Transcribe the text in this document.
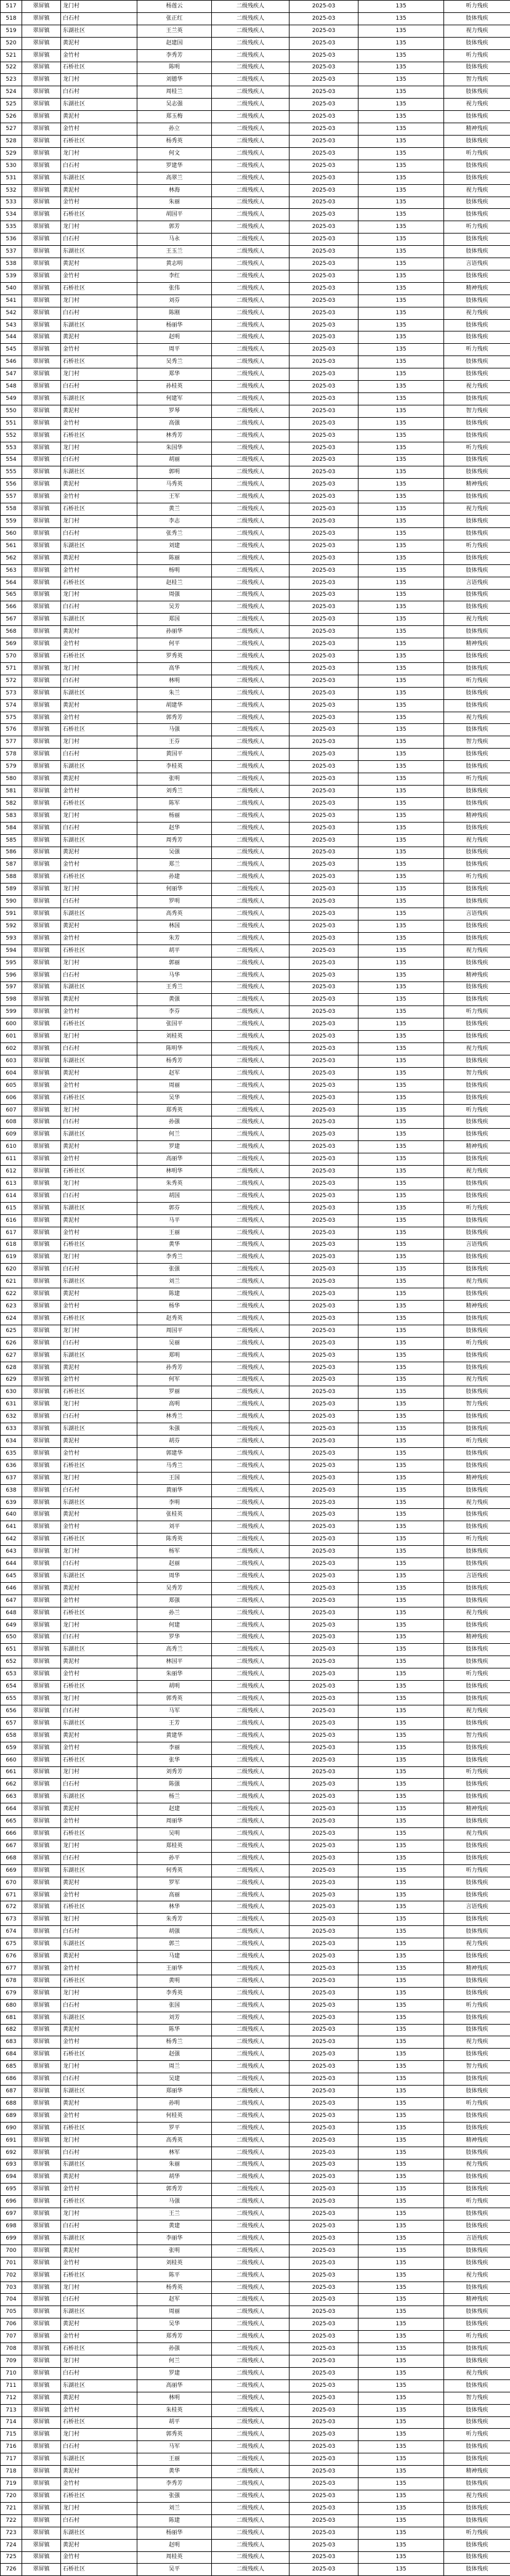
517	翠屏镇	龙门村	杨莲云	二级残疾人	2025-03	135	听力残疾
518	翠屏镇	白石村	张正红	二级残疾人	2025-03	135	肢体残疾
519	翠屏镇	东湖社区	王兰英	二级残疾人	2025-03	135	视力残疾
520	翠屏镇	黄泥村	赵建国	二级残疾人	2025-03	135	肢体残疾
521	翠屏镇	金竹村	李秀芳	二级残疾人	2025-03	135	听力残疾
522	翠屏镇	石桥社区	陈明	二级残疾人	2025-03	135	肢体残疾
523	翠屏镇	龙门村	刘德华	二级残疾人	2025-03	135	智力残疾
524	翠屏镇	白石村	周桂兰	二级残疾人	2025-03	135	肢体残疾
525	翠屏镇	东湖社区	吴志强	二级残疾人	2025-03	135	视力残疾
526	翠屏镇	黄泥村	郑玉梅	二级残疾人	2025-03	135	肢体残疾
527	翠屏镇	金竹村	孙立	二级残疾人	2025-03	135	精神残疾
528	翠屏镇	石桥社区	杨秀英	二级残疾人	2025-03	135	肢体残疾
529	翠屏镇	龙门村	何文	二级残疾人	2025-03	135	听力残疾
530	翠屏镇	白石村	罗建华	二级残疾人	2025-03	135	肢体残疾
531	翠屏镇	东湖社区	高翠兰	二级残疾人	2025-03	135	肢体残疾
532	翠屏镇	黄泥村	林海	二级残疾人	2025-03	135	视力残疾
533	翠屏镇	金竹村	朱丽	二级残疾人	2025-03	135	肢体残疾
534	翠屏镇	石桥社区	胡国平	二级残疾人	2025-03	135	肢体残疾
535	翠屏镇	龙门村	郭芳	二级残疾人	2025-03	135	听力残疾
536	翠屏镇	白石村	马永	二级残疾人	2025-03	135	肢体残疾
537	翠屏镇	东湖社区	王玉兰	二级残疾人	2025-03	135	肢体残疾
538	翠屏镇	黄泥村	黄志明	二级残疾人	2025-03	135	言语残疾
539	翠屏镇	金竹村	李红	二级残疾人	2025-03	135	肢体残疾
540	翠屏镇	石桥社区	张伟	二级残疾人	2025-03	135	精神残疾
541	翠屏镇	龙门村	刘芬	二级残疾人	2025-03	135	肢体残疾
542	翠屏镇	白石村	陈刚	二级残疾人	2025-03	135	视力残疾
543	翠屏镇	东湖社区	杨丽华	二级残疾人	2025-03	135	肢体残疾
544	翠屏镇	黄泥村	赵明	二级残疾人	2025-03	135	肢体残疾
545	翠屏镇	金竹村	周平	二级残疾人	2025-03	135	听力残疾
546	翠屏镇	石桥社区	吴秀兰	二级残疾人	2025-03	135	肢体残疾
547	翠屏镇	龙门村	郑华	二级残疾人	2025-03	135	肢体残疾
548	翠屏镇	白石村	孙桂英	二级残疾人	2025-03	135	视力残疾
549	翠屏镇	东湖社区	何建军	二级残疾人	2025-03	135	肢体残疾
550	翠屏镇	黄泥村	罗琴	二级残疾人	2025-03	135	智力残疾
551	翠屏镇	金竹村	高强	二级残疾人	2025-03	135	肢体残疾
552	翠屏镇	石桥社区	林秀芳	二级残疾人	2025-03	135	肢体残疾
553	翠屏镇	龙门村	朱国华	二级残疾人	2025-03	135	听力残疾
554	翠屏镇	白石村	胡丽	二级残疾人	2025-03	135	肢体残疾
555	翠屏镇	东湖社区	郭明	二级残疾人	2025-03	135	肢体残疾
556	翠屏镇	黄泥村	马秀英	二级残疾人	2025-03	135	精神残疾
557	翠屏镇	金竹村	王军	二级残疾人	2025-03	135	肢体残疾
558	翠屏镇	石桥社区	黄兰	二级残疾人	2025-03	135	视力残疾
559	翠屏镇	龙门村	李志	二级残疾人	2025-03	135	肢体残疾
560	翠屏镇	白石村	张秀兰	二级残疾人	2025-03	135	肢体残疾
561	翠屏镇	东湖社区	刘建	二级残疾人	2025-03	135	听力残疾
562	翠屏镇	黄泥村	陈丽	二级残疾人	2025-03	135	肢体残疾
563	翠屏镇	金竹村	杨明	二级残疾人	2025-03	135	肢体残疾
564	翠屏镇	石桥社区	赵桂兰	二级残疾人	2025-03	135	言语残疾
565	翠屏镇	龙门村	周强	二级残疾人	2025-03	135	肢体残疾
566	翠屏镇	白石村	吴芳	二级残疾人	2025-03	135	肢体残疾
567	翠屏镇	东湖社区	郑国	二级残疾人	2025-03	135	视力残疾
568	翠屏镇	黄泥村	孙丽华	二级残疾人	2025-03	135	肢体残疾
569	翠屏镇	金竹村	何平	二级残疾人	2025-03	135	精神残疾
570	翠屏镇	石桥社区	罗秀英	二级残疾人	2025-03	135	肢体残疾
571	翠屏镇	龙门村	高华	二级残疾人	2025-03	135	肢体残疾
572	翠屏镇	白石村	林明	二级残疾人	2025-03	135	听力残疾
573	翠屏镇	东湖社区	朱兰	二级残疾人	2025-03	135	肢体残疾
574	翠屏镇	黄泥村	胡建华	二级残疾人	2025-03	135	肢体残疾
575	翠屏镇	金竹村	郭秀芳	二级残疾人	2025-03	135	视力残疾
576	翠屏镇	石桥社区	马强	二级残疾人	2025-03	135	肢体残疾
577	翠屏镇	龙门村	王芬	二级残疾人	2025-03	135	智力残疾
578	翠屏镇	白石村	黄国平	二级残疾人	2025-03	135	肢体残疾
579	翠屏镇	东湖社区	李桂英	二级残疾人	2025-03	135	肢体残疾
580	翠屏镇	黄泥村	张明	二级残疾人	2025-03	135	听力残疾
581	翠屏镇	金竹村	刘秀兰	二级残疾人	2025-03	135	肢体残疾
582	翠屏镇	石桥社区	陈军	二级残疾人	2025-03	135	肢体残疾
583	翠屏镇	龙门村	杨丽	二级残疾人	2025-03	135	精神残疾
584	翠屏镇	白石村	赵华	二级残疾人	2025-03	135	肢体残疾
585	翠屏镇	东湖社区	周秀芳	二级残疾人	2025-03	135	视力残疾
586	翠屏镇	黄泥村	吴强	二级残疾人	2025-03	135	肢体残疾
587	翠屏镇	金竹村	郑兰	二级残疾人	2025-03	135	肢体残疾
588	翠屏镇	石桥社区	孙建	二级残疾人	2025-03	135	听力残疾
589	翠屏镇	龙门村	何丽华	二级残疾人	2025-03	135	肢体残疾
590	翠屏镇	白石村	罗明	二级残疾人	2025-03	135	肢体残疾
591	翠屏镇	东湖社区	高秀英	二级残疾人	2025-03	135	言语残疾
592	翠屏镇	黄泥村	林国	二级残疾人	2025-03	135	肢体残疾
593	翠屏镇	金竹村	朱芳	二级残疾人	2025-03	135	肢体残疾
594	翠屏镇	石桥社区	胡平	二级残疾人	2025-03	135	视力残疾
595	翠屏镇	龙门村	郭丽	二级残疾人	2025-03	135	肢体残疾
596	翠屏镇	白石村	马华	二级残疾人	2025-03	135	精神残疾
597	翠屏镇	东湖社区	王秀兰	二级残疾人	2025-03	135	肢体残疾
598	翠屏镇	黄泥村	黄强	二级残疾人	2025-03	135	肢体残疾
599	翠屏镇	金竹村	李芬	二级残疾人	2025-03	135	听力残疾
600	翠屏镇	石桥社区	张国平	二级残疾人	2025-03	135	肢体残疾
601	翠屏镇	龙门村	刘桂英	二级残疾人	2025-03	135	肢体残疾
602	翠屏镇	白石村	陈明华	二级残疾人	2025-03	135	视力残疾
603	翠屏镇	东湖社区	杨秀芳	二级残疾人	2025-03	135	肢体残疾
604	翠屏镇	黄泥村	赵军	二级残疾人	2025-03	135	智力残疾
605	翠屏镇	金竹村	周丽	二级残疾人	2025-03	135	肢体残疾
606	翠屏镇	石桥社区	吴华	二级残疾人	2025-03	135	肢体残疾
607	翠屏镇	龙门村	郑秀英	二级残疾人	2025-03	135	听力残疾
608	翠屏镇	白石村	孙强	二级残疾人	2025-03	135	肢体残疾
609	翠屏镇	东湖社区	何兰	二级残疾人	2025-03	135	肢体残疾
610	翠屏镇	黄泥村	罗建	二级残疾人	2025-03	135	精神残疾
611	翠屏镇	金竹村	高丽华	二级残疾人	2025-03	135	肢体残疾
612	翠屏镇	石桥社区	林明华	二级残疾人	2025-03	135	视力残疾
613	翠屏镇	龙门村	朱秀英	二级残疾人	2025-03	135	肢体残疾
614	翠屏镇	白石村	胡国	二级残疾人	2025-03	135	肢体残疾
615	翠屏镇	东湖社区	郭芬	二级残疾人	2025-03	135	听力残疾
616	翠屏镇	黄泥村	马平	二级残疾人	2025-03	135	肢体残疾
617	翠屏镇	金竹村	王丽	二级残疾人	2025-03	135	肢体残疾
618	翠屏镇	石桥社区	黄华	二级残疾人	2025-03	135	言语残疾
619	翠屏镇	龙门村	李秀兰	二级残疾人	2025-03	135	肢体残疾
620	翠屏镇	白石村	张强	二级残疾人	2025-03	135	肢体残疾
621	翠屏镇	东湖社区	刘兰	二级残疾人	2025-03	135	视力残疾
622	翠屏镇	黄泥村	陈建	二级残疾人	2025-03	135	肢体残疾
623	翠屏镇	金竹村	杨华	二级残疾人	2025-03	135	精神残疾
624	翠屏镇	石桥社区	赵秀英	二级残疾人	2025-03	135	肢体残疾
625	翠屏镇	龙门村	周国平	二级残疾人	2025-03	135	肢体残疾
626	翠屏镇	白石村	吴丽	二级残疾人	2025-03	135	听力残疾
627	翠屏镇	东湖社区	郑明	二级残疾人	2025-03	135	肢体残疾
628	翠屏镇	黄泥村	孙秀芳	二级残疾人	2025-03	135	肢体残疾
629	翠屏镇	金竹村	何军	二级残疾人	2025-03	135	视力残疾
630	翠屏镇	石桥社区	罗丽	二级残疾人	2025-03	135	肢体残疾
631	翠屏镇	龙门村	高明	二级残疾人	2025-03	135	智力残疾
632	翠屏镇	白石村	林秀兰	二级残疾人	2025-03	135	肢体残疾
633	翠屏镇	东湖社区	朱强	二级残疾人	2025-03	135	肢体残疾
634	翠屏镇	黄泥村	胡芬	二级残疾人	2025-03	135	听力残疾
635	翠屏镇	金竹村	郭建华	二级残疾人	2025-03	135	肢体残疾
636	翠屏镇	石桥社区	马秀兰	二级残疾人	2025-03	135	肢体残疾
637	翠屏镇	龙门村	王国	二级残疾人	2025-03	135	精神残疾
638	翠屏镇	白石村	黄丽华	二级残疾人	2025-03	135	肢体残疾
639	翠屏镇	东湖社区	李明	二级残疾人	2025-03	135	视力残疾
640	翠屏镇	黄泥村	张桂英	二级残疾人	2025-03	135	肢体残疾
641	翠屏镇	金竹村	刘平	二级残疾人	2025-03	135	肢体残疾
642	翠屏镇	石桥社区	陈秀英	二级残疾人	2025-03	135	听力残疾
643	翠屏镇	龙门村	杨军	二级残疾人	2025-03	135	肢体残疾
644	翠屏镇	白石村	赵丽	二级残疾人	2025-03	135	肢体残疾
645	翠屏镇	东湖社区	周华	二级残疾人	2025-03	135	言语残疾
646	翠屏镇	黄泥村	吴秀芳	二级残疾人	2025-03	135	肢体残疾
647	翠屏镇	金竹村	郑强	二级残疾人	2025-03	135	肢体残疾
648	翠屏镇	石桥社区	孙兰	二级残疾人	2025-03	135	视力残疾
649	翠屏镇	龙门村	何建	二级残疾人	2025-03	135	肢体残疾
650	翠屏镇	白石村	罗华	二级残疾人	2025-03	135	精神残疾
651	翠屏镇	东湖社区	高秀兰	二级残疾人	2025-03	135	肢体残疾
652	翠屏镇	黄泥村	林国平	二级残疾人	2025-03	135	肢体残疾
653	翠屏镇	金竹村	朱丽华	二级残疾人	2025-03	135	听力残疾
654	翠屏镇	石桥社区	胡明	二级残疾人	2025-03	135	肢体残疾
655	翠屏镇	龙门村	郭秀英	二级残疾人	2025-03	135	肢体残疾
656	翠屏镇	白石村	马军	二级残疾人	2025-03	135	视力残疾
657	翠屏镇	东湖社区	王芳	二级残疾人	2025-03	135	肢体残疾
658	翠屏镇	黄泥村	黄建华	二级残疾人	2025-03	135	智力残疾
659	翠屏镇	金竹村	李丽	二级残疾人	2025-03	135	肢体残疾
660	翠屏镇	石桥社区	张华	二级残疾人	2025-03	135	肢体残疾
661	翠屏镇	龙门村	刘秀芳	二级残疾人	2025-03	135	听力残疾
662	翠屏镇	白石村	陈强	二级残疾人	2025-03	135	肢体残疾
663	翠屏镇	东湖社区	杨兰	二级残疾人	2025-03	135	肢体残疾
664	翠屏镇	黄泥村	赵建	二级残疾人	2025-03	135	精神残疾
665	翠屏镇	金竹村	周丽华	二级残疾人	2025-03	135	肢体残疾
666	翠屏镇	石桥社区	吴明	二级残疾人	2025-03	135	视力残疾
667	翠屏镇	龙门村	郑桂英	二级残疾人	2025-03	135	肢体残疾
668	翠屏镇	白石村	孙平	二级残疾人	2025-03	135	肢体残疾
669	翠屏镇	东湖社区	何秀英	二级残疾人	2025-03	135	听力残疾
670	翠屏镇	黄泥村	罗军	二级残疾人	2025-03	135	肢体残疾
671	翠屏镇	金竹村	高丽	二级残疾人	2025-03	135	肢体残疾
672	翠屏镇	石桥社区	林华	二级残疾人	2025-03	135	言语残疾
673	翠屏镇	龙门村	朱秀芳	二级残疾人	2025-03	135	肢体残疾
674	翠屏镇	白石村	胡强	二级残疾人	2025-03	135	肢体残疾
675	翠屏镇	东湖社区	郭兰	二级残疾人	2025-03	135	视力残疾
676	翠屏镇	黄泥村	马建	二级残疾人	2025-03	135	肢体残疾
677	翠屏镇	金竹村	王丽华	二级残疾人	2025-03	135	精神残疾
678	翠屏镇	石桥社区	黄明	二级残疾人	2025-03	135	肢体残疾
679	翠屏镇	龙门村	李秀英	二级残疾人	2025-03	135	肢体残疾
680	翠屏镇	白石村	张国	二级残疾人	2025-03	135	听力残疾
681	翠屏镇	东湖社区	刘芳	二级残疾人	2025-03	135	肢体残疾
682	翠屏镇	黄泥村	陈华	二级残疾人	2025-03	135	肢体残疾
683	翠屏镇	金竹村	杨秀兰	二级残疾人	2025-03	135	视力残疾
684	翠屏镇	石桥社区	赵强	二级残疾人	2025-03	135	肢体残疾
685	翠屏镇	龙门村	周兰	二级残疾人	2025-03	135	智力残疾
686	翠屏镇	白石村	吴建	二级残疾人	2025-03	135	肢体残疾
687	翠屏镇	东湖社区	郑丽华	二级残疾人	2025-03	135	肢体残疾
688	翠屏镇	黄泥村	孙明	二级残疾人	2025-03	135	听力残疾
689	翠屏镇	金竹村	何桂英	二级残疾人	2025-03	135	肢体残疾
690	翠屏镇	石桥社区	罗平	二级残疾人	2025-03	135	肢体残疾
691	翠屏镇	龙门村	高秀英	二级残疾人	2025-03	135	精神残疾
692	翠屏镇	白石村	林军	二级残疾人	2025-03	135	肢体残疾
693	翠屏镇	东湖社区	朱丽	二级残疾人	2025-03	135	视力残疾
694	翠屏镇	黄泥村	胡华	二级残疾人	2025-03	135	肢体残疾
695	翠屏镇	金竹村	郭秀芳	二级残疾人	2025-03	135	肢体残疾
696	翠屏镇	石桥社区	马强	二级残疾人	2025-03	135	听力残疾
697	翠屏镇	龙门村	王兰	二级残疾人	2025-03	135	肢体残疾
698	翠屏镇	白石村	黄建	二级残疾人	2025-03	135	肢体残疾
699	翠屏镇	东湖社区	李丽华	二级残疾人	2025-03	135	言语残疾
700	翠屏镇	黄泥村	张明	二级残疾人	2025-03	135	肢体残疾
701	翠屏镇	金竹村	刘桂英	二级残疾人	2025-03	135	肢体残疾
702	翠屏镇	石桥社区	陈平	二级残疾人	2025-03	135	视力残疾
703	翠屏镇	龙门村	杨秀英	二级残疾人	2025-03	135	肢体残疾
704	翠屏镇	白石村	赵军	二级残疾人	2025-03	135	精神残疾
705	翠屏镇	东湖社区	周丽	二级残疾人	2025-03	135	肢体残疾
706	翠屏镇	黄泥村	吴华	二级残疾人	2025-03	135	肢体残疾
707	翠屏镇	金竹村	郑秀芳	二级残疾人	2025-03	135	听力残疾
708	翠屏镇	石桥社区	孙强	二级残疾人	2025-03	135	肢体残疾
709	翠屏镇	龙门村	何兰	二级残疾人	2025-03	135	肢体残疾
710	翠屏镇	白石村	罗建	二级残疾人	2025-03	135	视力残疾
711	翠屏镇	东湖社区	高丽华	二级残疾人	2025-03	135	肢体残疾
712	翠屏镇	黄泥村	林明	二级残疾人	2025-03	135	智力残疾
713	翠屏镇	金竹村	朱桂英	二级残疾人	2025-03	135	肢体残疾
714	翠屏镇	石桥社区	胡平	二级残疾人	2025-03	135	肢体残疾
715	翠屏镇	龙门村	郭秀英	二级残疾人	2025-03	135	听力残疾
716	翠屏镇	白石村	马军	二级残疾人	2025-03	135	肢体残疾
717	翠屏镇	东湖社区	王丽	二级残疾人	2025-03	135	肢体残疾
718	翠屏镇	黄泥村	黄华	二级残疾人	2025-03	135	精神残疾
719	翠屏镇	金竹村	李秀芳	二级残疾人	2025-03	135	肢体残疾
720	翠屏镇	石桥社区	张强	二级残疾人	2025-03	135	视力残疾
721	翠屏镇	龙门村	刘兰	二级残疾人	2025-03	135	肢体残疾
722	翠屏镇	白石村	陈建	二级残疾人	2025-03	135	肢体残疾
723	翠屏镇	东湖社区	杨丽华	二级残疾人	2025-03	135	听力残疾
724	翠屏镇	黄泥村	赵明	二级残疾人	2025-03	135	肢体残疾
725	翠屏镇	金竹村	周桂英	二级残疾人	2025-03	135	肢体残疾
726	翠屏镇	石桥社区	吴平	二级残疾人	2025-03	135	肢体残疾
